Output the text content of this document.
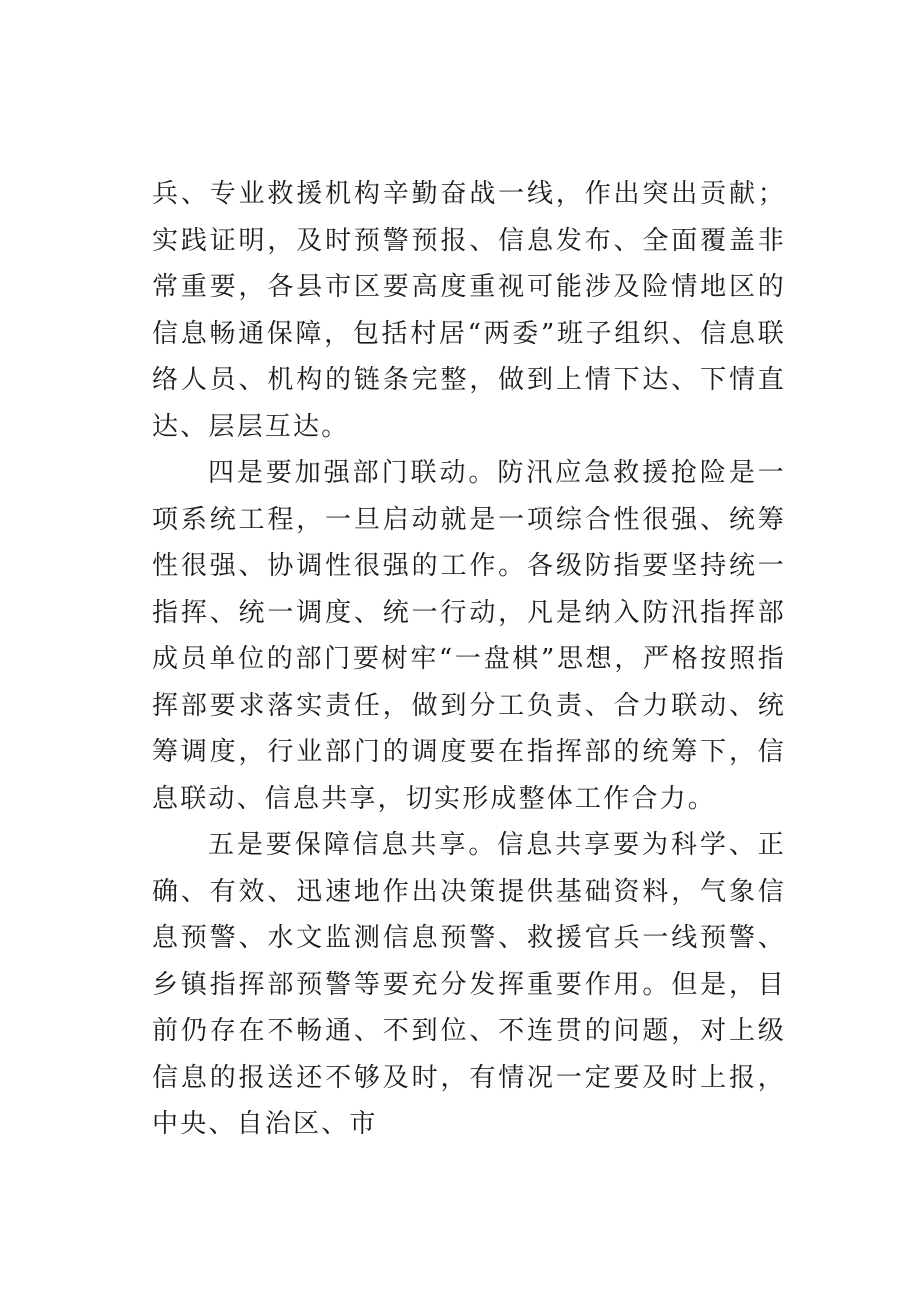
兵、专业救援机构辛勤奋战一线，作出突出贡献；实践证明，及时预警预报、信息发布、全面覆盖非常重要，各县市区要高度重视可能涉及险情地区的信息畅通保障，包括村居“两委”班子组织、信息联络人员、机构的链条完整，做到上情下达、下情直达、层层互达。

四是要加强部门联动。防汛应急救援抢险是一项系统工程，一旦启动就是一项综合性很强、统筹性很强、协调性很强的工作。各级防指要坚持统一指挥、统一调度、统一行动，凡是纳入防汛指挥部成员单位的部门要树牢“一盘棋”思想，严格按照指挥部要求落实责任，做到分工负责、合力联动、统筹调度，行业部门的调度要在指挥部的统筹下，信息联动、信息共享，切实形成整体工作合力。

五是要保障信息共享。信息共享要为科学、正确、有效、迅速地作出决策提供基础资料，气象信息预警、水文监测信息预警、救援官兵一线预警、乡镇指挥部预警等要充分发挥重要作用。但是，目前仍存在不畅通、不到位、不连贯的问题，对上级信息的报送还不够及时，有情况一定要及时上报，中央、自治区、市
